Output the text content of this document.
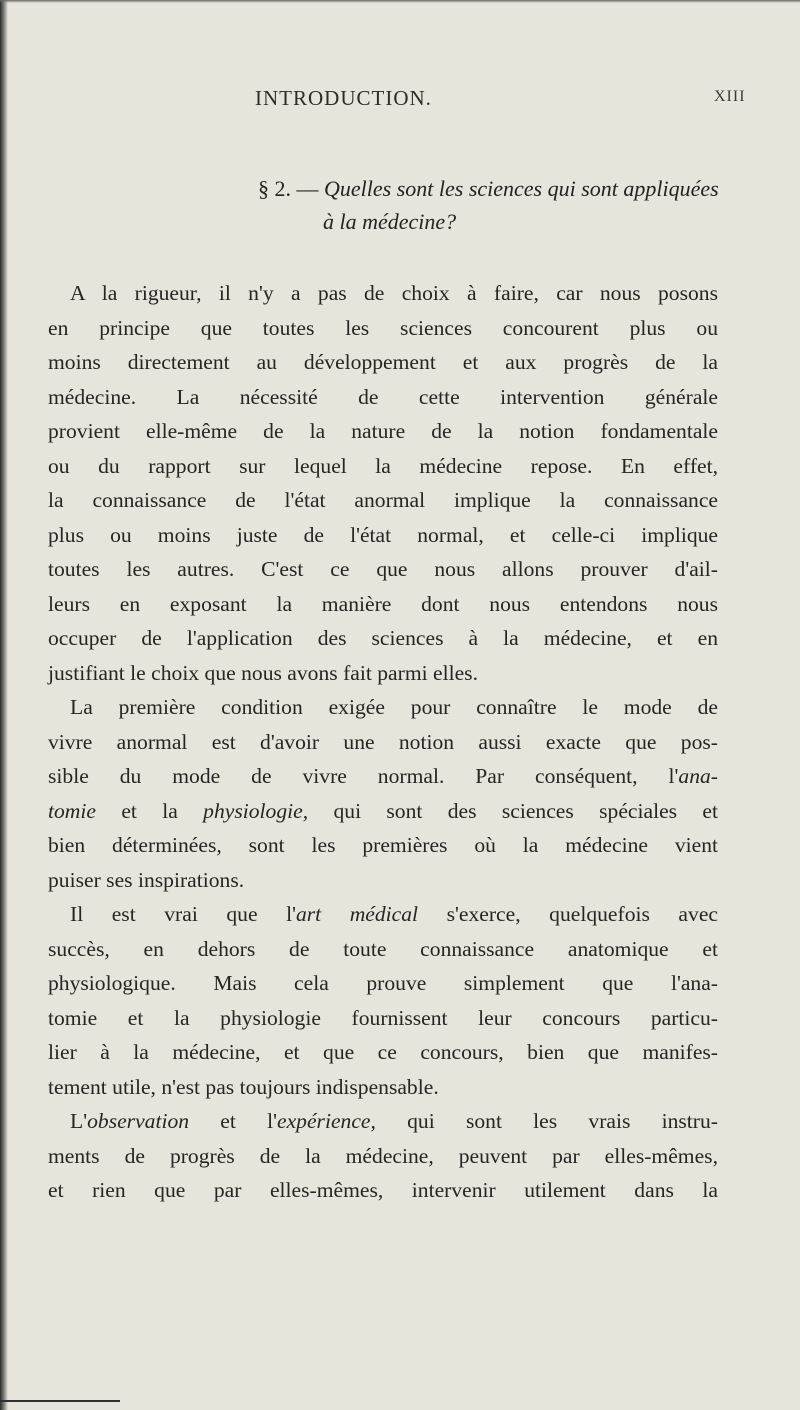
INTRODUCTION.	XIII
§ 2. — Quelles sont les sciences qui sont appliquées
à la médecine?
A la rigueur, il n'y a pas de choix à faire, car nous posons
en principe que toutes les sciences concourent plus ou
moins directement au développement et aux progrès de la
médecine. La nécessité de cette intervention générale
provient elle-même de la nature de la notion fondamentale
ou du rapport sur lequel la médecine repose. En effet,
la connaissance de l'état anormal implique la connaissance
plus ou moins juste de l'état normal, et celle-ci implique
toutes les autres. C'est ce que nous allons prouver d'ail-
leurs en exposant la manière dont nous entendons nous
occuper de l'application des sciences à la médecine, et en
justifiant le choix que nous avons fait parmi elles.
La première condition exigée pour connaître le mode de
vivre anormal est d'avoir une notion aussi exacte que pos-
sible du mode de vivre normal. Par conséquent, l'ana-
tomie et la physiologie, qui sont des sciences spéciales et
bien déterminées, sont les premières où la médecine vient
puiser ses inspirations.
Il est vrai que l'art médical s'exerce, quelquefois avec
succès, en dehors de toute connaissance anatomique et
physiologique. Mais cela prouve simplement que l'ana-
tomie et la physiologie fournissent leur concours particu-
lier à la médecine, et que ce concours, bien que manifes-
tement utile, n'est pas toujours indispensable.
L'observation et l'expérience, qui sont les vrais instru-
ments de progrès de la médecine, peuvent par elles-mêmes,
et rien que par elles-mêmes, intervenir utilement dans la
